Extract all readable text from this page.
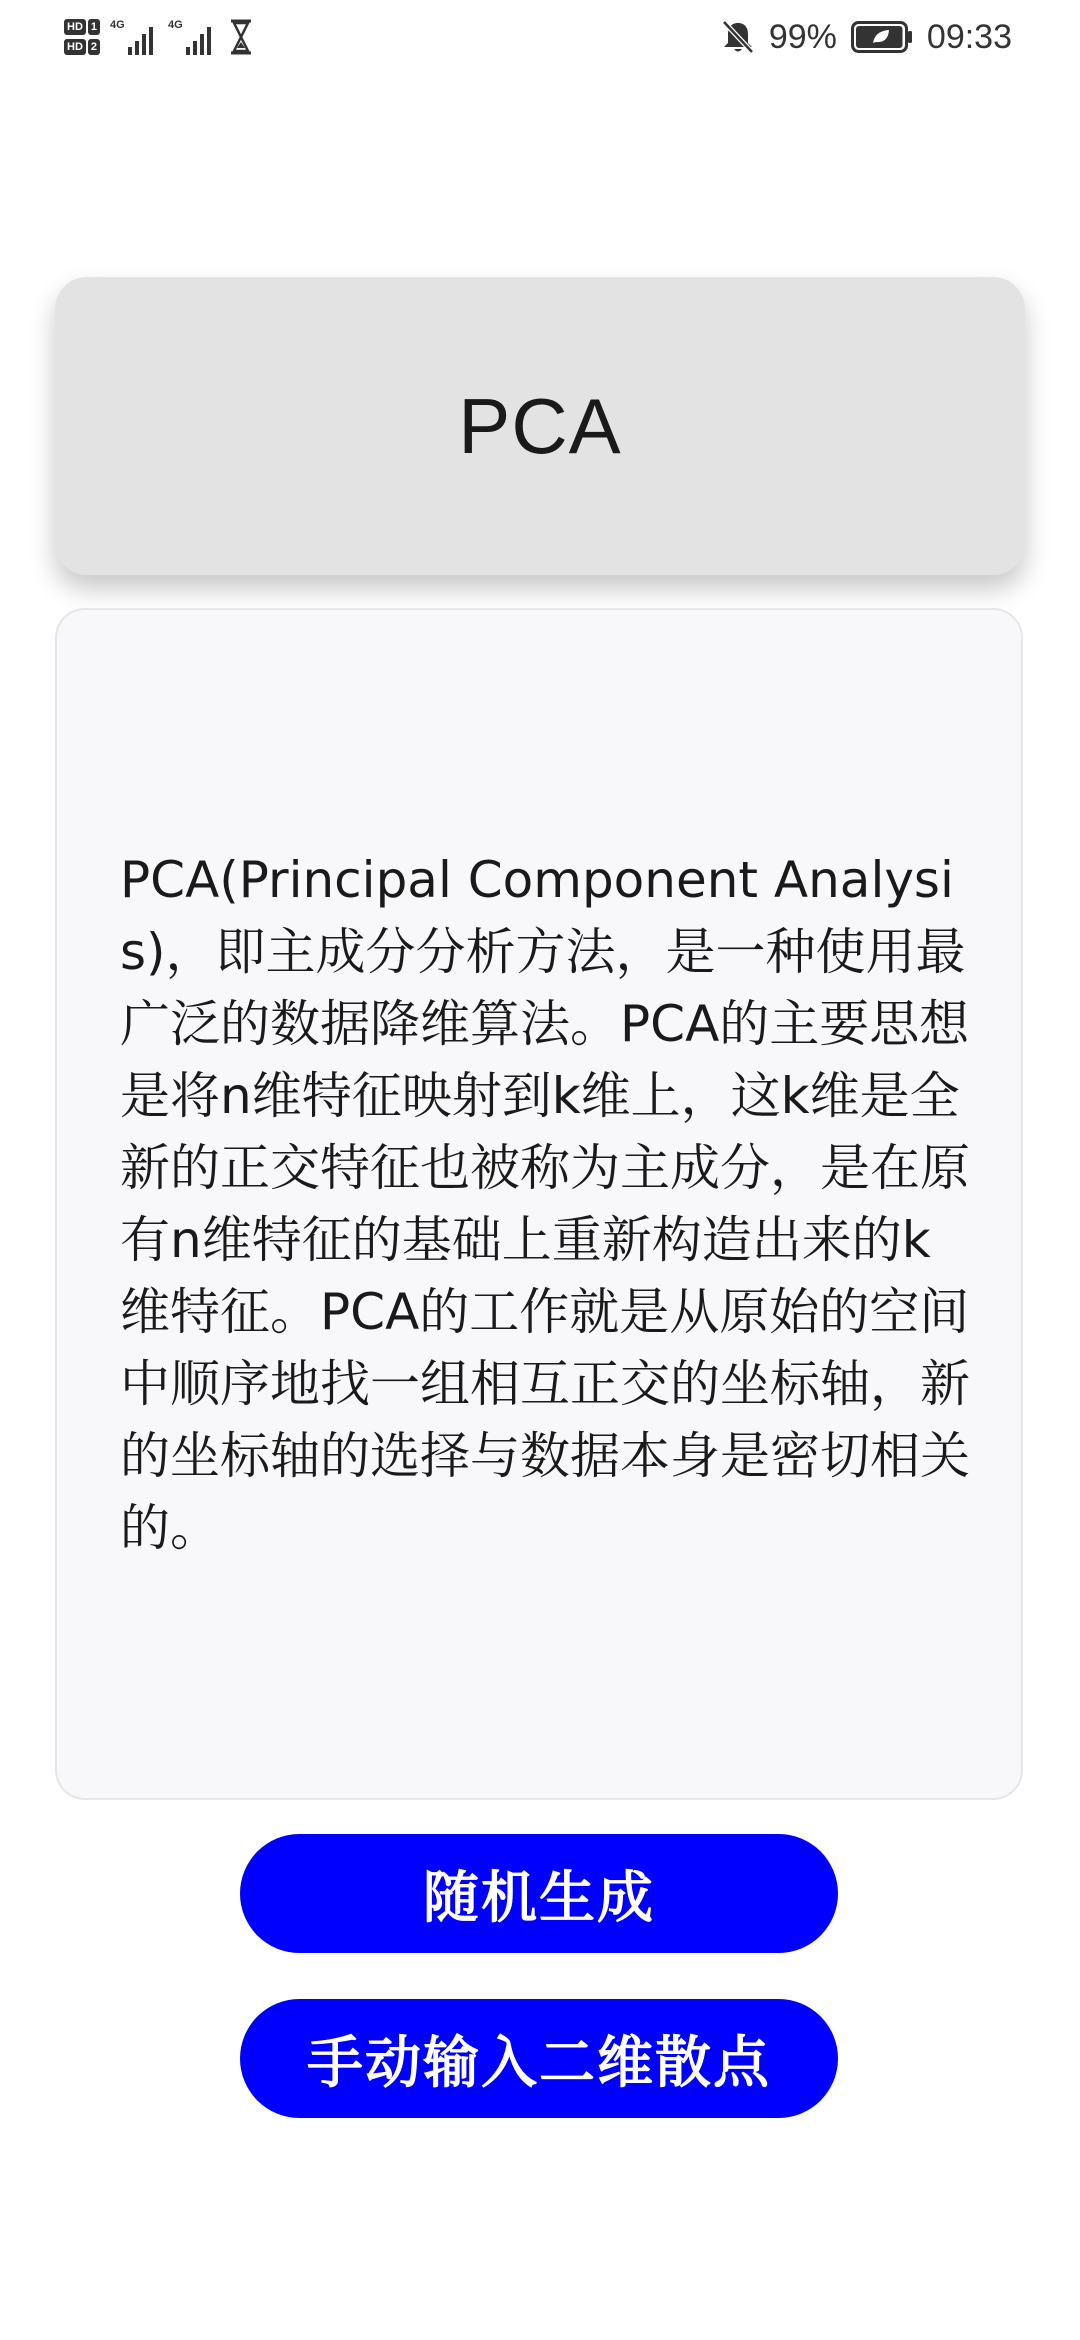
HD 1
HD 2
4G	4G	99%	09:33
PCA
PCA(Principal Component Analysis)，即主成分分析方法，是一种使用最广泛的数据降维算法。PCA的主要思想是将n维特征映射到k维上，这k维是全新的正交特征也被称为主成分，是在原有n维特征的基础上重新构造出来的k维特征。PCA的工作就是从原始的空间中顺序地找一组相互正交的坐标轴，新的坐标轴的选择与数据本身是密切相关的。
随机生成
手动输入二维散点
